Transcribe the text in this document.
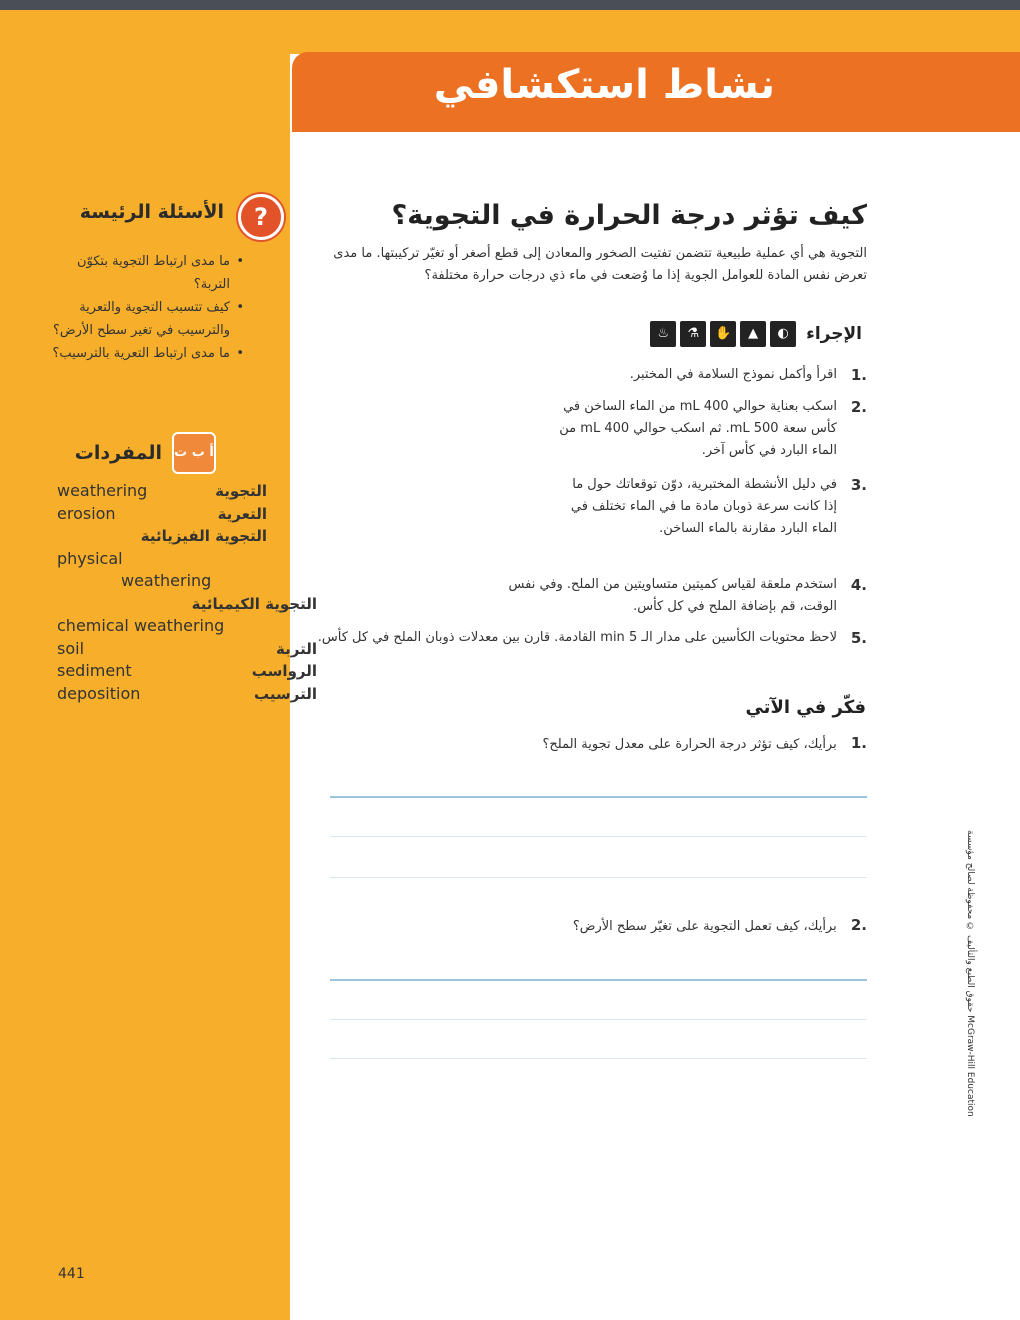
نشاط استكشافي
?
الأسئلة الرئيسة
• ما مدى ارتباط التجوية بتكوّن التربة؟
• كيف تتسبب التجوية والتعرية والترسيب في تغير سطح الأرض؟
• ما مدى ارتباط التعرية بالترسيب؟
أ ب ت
المفردات
weathering	التجوية
erosion	التعرية
التجوية الفيزيائية
physical
weathering
التجوية الكيميائية
chemical weathering
soil	التربة
sediment	الرواسب
deposition	الترسيب
441
كيف تؤثر درجة الحرارة في التجوية؟
التجوية هي أي عملية طبيعية تتضمن تفتيت الصخور والمعادن إلى قطع أصغر أو تغيّر تركيبتها. ما مدى تعرض نفس المادة للعوامل الجوية إذا ما وُضعت في ماء ذي درجات حرارة مختلفة؟
الإجراء
◐
▲
✋
⚗
♨
.1
اقرأ وأكمل نموذج السلامة في المختبر.
.2
اسكب بعناية حوالي 400 mL من الماء الساخن في كأس سعة 500 mL. ثم اسكب حوالي 400 mL من الماء البارد في كأس آخر.
.3
في دليل الأنشطة المختبرية، دوّن توقعاتك حول ما إذا كانت سرعة ذوبان مادة ما في الماء تختلف في الماء البارد مقارنة بالماء الساخن.
.4
استخدم ملعقة لقياس كميتين متساويتين من الملح. وفي نفس الوقت، قم بإضافة الملح في كل كأس.
.5
لاحظ محتويات الكأسين على مدار الـ 5 min القادمة. قارن بين معدلات ذوبان الملح في كل كأس.
فكّر في الآتي
.1 برأيك، كيف تؤثر درجة الحرارة على معدل تجوية الملح؟
.2 برأيك، كيف تعمل التجوية على تغيّر سطح الأرض؟	حقوق الطبع والتأليف © محفوظة لصالح مؤسسة McGraw-Hill Education
